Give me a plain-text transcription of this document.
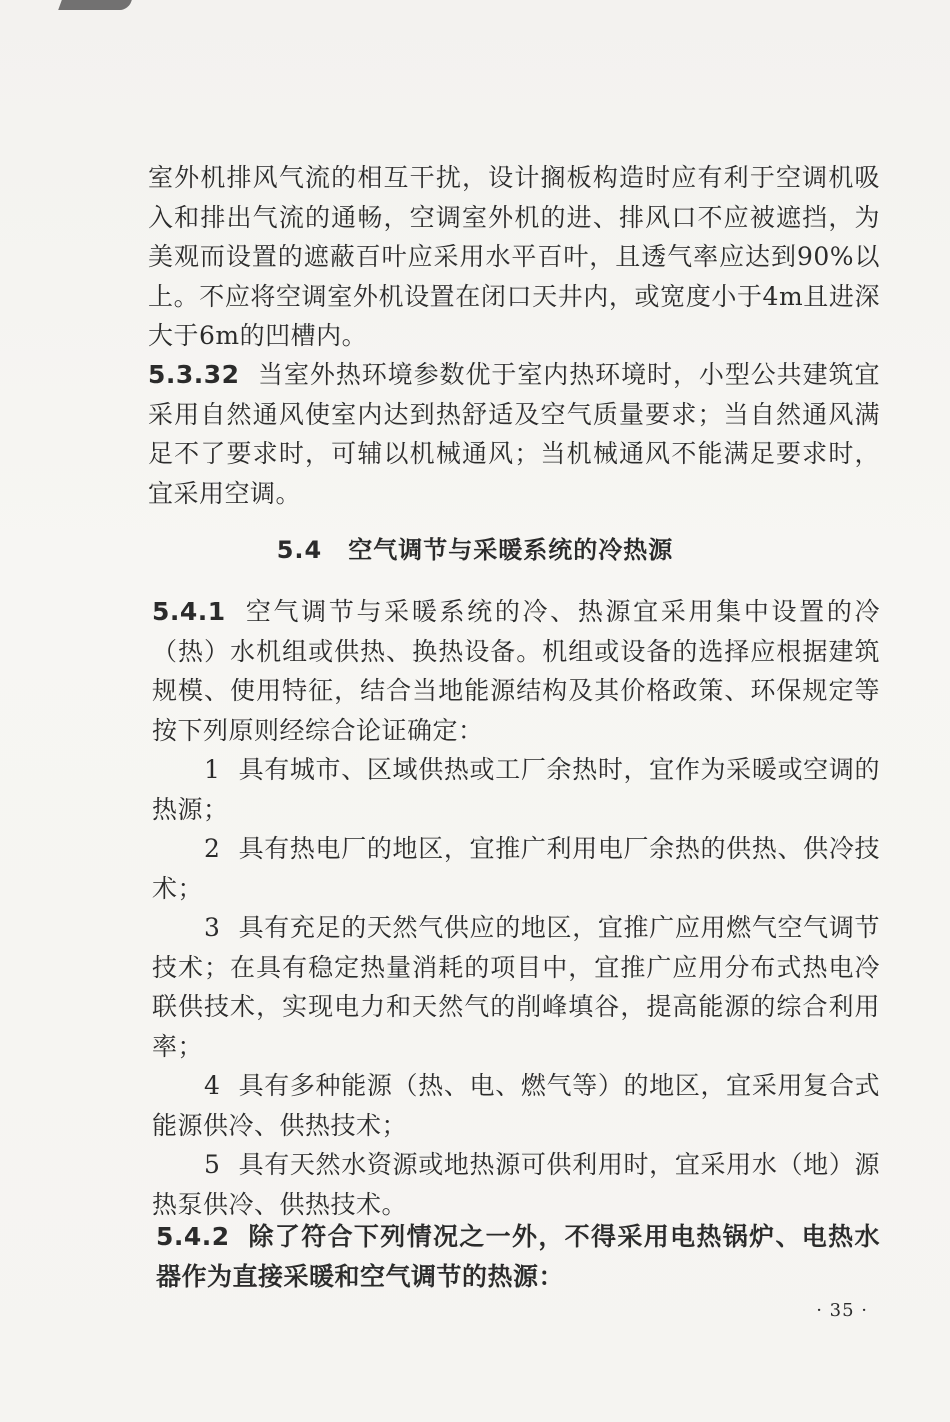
室外机排风气流的相互干扰，设计搁板构造时应有利于空调机吸入和排出气流的通畅，空调室外机的进、排风口不应被遮挡，为美观而设置的遮蔽百叶应采用水平百叶，且透气率应达到90%以上。不应将空调室外机设置在闭口天井内，或宽度小于4m且进深大于6m的凹槽内。

5.3.32 当室外热环境参数优于室内热环境时，小型公共建筑宜采用自然通风使室内达到热舒适及空气质量要求；当自然通风满足不了要求时，可辅以机械通风；当机械通风不能满足要求时，宜采用空调。

5.4 空气调节与采暖系统的冷热源

5.4.1 空气调节与采暖系统的冷、热源宜采用集中设置的冷（热）水机组或供热、换热设备。机组或设备的选择应根据建筑规模、使用特征，结合当地能源结构及其价格政策、环保规定等按下列原则经综合论证确定：

1 具有城市、区域供热或工厂余热时，宜作为采暖或空调的热源；

2 具有热电厂的地区，宜推广利用电厂余热的供热、供冷技术；

3 具有充足的天然气供应的地区，宜推广应用燃气空气调节技术；在具有稳定热量消耗的项目中，宜推广应用分布式热电冷联供技术，实现电力和天然气的削峰填谷，提高能源的综合利用率；

4 具有多种能源（热、电、燃气等）的地区，宜采用复合式能源供冷、供热技术；

5 具有天然水资源或地热源可供利用时，宜采用水（地）源热泵供冷、供热技术。

5.4.2 除了符合下列情况之一外，不得采用电热锅炉、电热水器作为直接采暖和空气调节的热源：

· 35 ·
